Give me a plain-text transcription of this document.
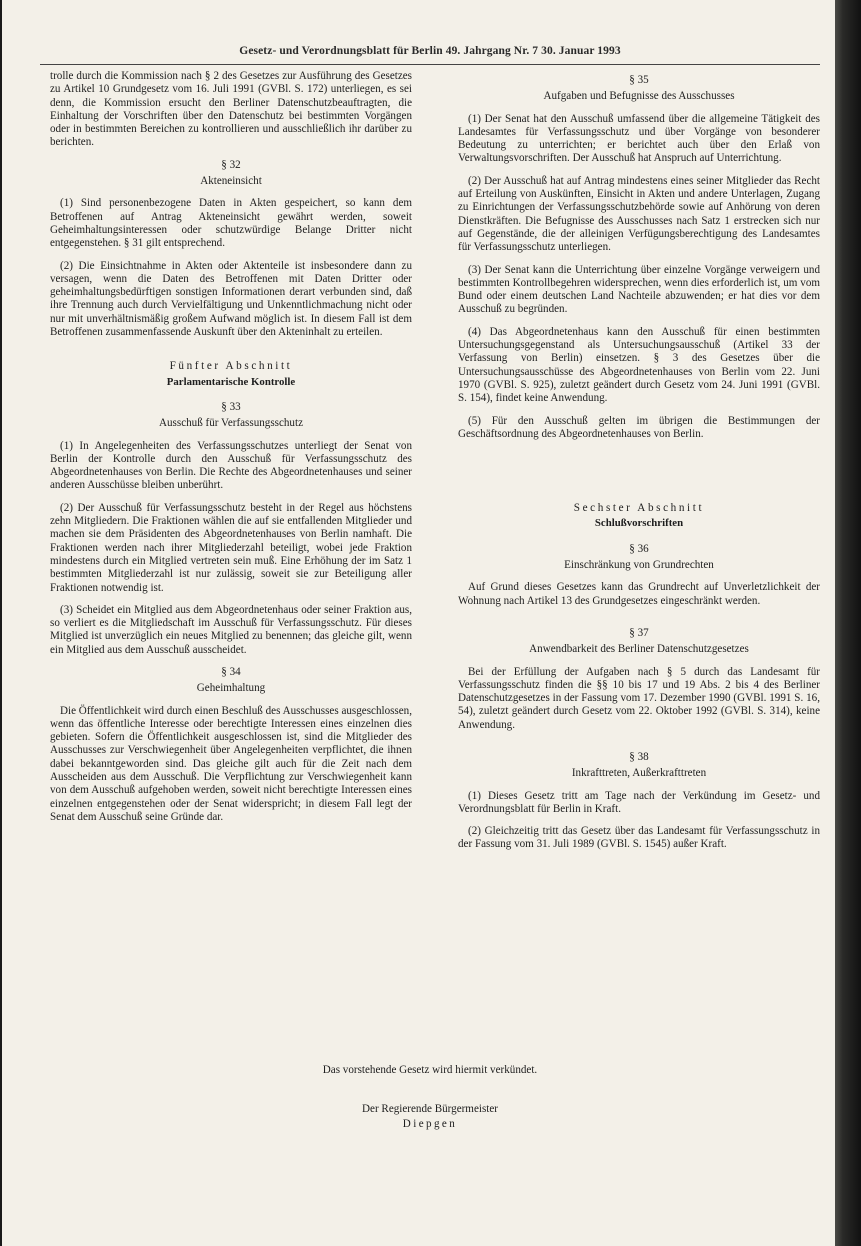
Gesetz- und Verordnungsblatt für Berlin 49. Jahrgang Nr. 7 30. Januar 1993

trolle durch die Kommission nach § 2 des Gesetzes zur Ausführung des Gesetzes zu Artikel 10 Grundgesetz vom 16. Juli 1991 (GVBl. S. 172) unterliegen, es sei denn, die Kommission ersucht den Berliner Datenschutzbeauftragten, die Einhaltung der Vorschriften über den Datenschutz bei bestimmten Vorgängen oder in bestimmten Bereichen zu kontrollieren und ausschließlich ihr darüber zu berichten.

§ 32
Akteneinsicht

(1) Sind personenbezogene Daten in Akten gespeichert, so kann dem Betroffenen auf Antrag Akteneinsicht gewährt werden, soweit Geheimhaltungsinteressen oder schutzwürdige Belange Dritter nicht entgegenstehen. § 31 gilt entsprechend.

(2) Die Einsichtnahme in Akten oder Aktenteile ist insbesondere dann zu versagen, wenn die Daten des Betroffenen mit Daten Dritter oder geheimhaltungsbedürftigen sonstigen Informationen derart verbunden sind, daß ihre Trennung auch durch Vervielfältigung und Unkenntlichmachung nicht oder nur mit unverhältnismäßig großem Aufwand möglich ist. In diesem Fall ist dem Betroffenen zusammenfassende Auskunft über den Akteninhalt zu erteilen.

Fünfter Abschnitt
Parlamentarische Kontrolle
§ 33
Ausschuß für Verfassungsschutz

(1) In Angelegenheiten des Verfassungsschutzes unterliegt der Senat von Berlin der Kontrolle durch den Ausschuß für Verfassungsschutz des Abgeordnetenhauses von Berlin. Die Rechte des Abgeordnetenhauses und seiner anderen Ausschüsse bleiben unberührt.

(2) Der Ausschuß für Verfassungsschutz besteht in der Regel aus höchstens zehn Mitgliedern. Die Fraktionen wählen die auf sie entfallenden Mitglieder und machen sie dem Präsidenten des Abgeordnetenhauses von Berlin namhaft. Die Fraktionen werden nach ihrer Mitgliederzahl beteiligt, wobei jede Fraktion mindestens durch ein Mitglied vertreten sein muß. Eine Erhöhung der im Satz 1 bestimmten Mitgliederzahl ist nur zulässig, soweit sie zur Beteiligung aller Fraktionen notwendig ist.

(3) Scheidet ein Mitglied aus dem Abgeordnetenhaus oder seiner Fraktion aus, so verliert es die Mitgliedschaft im Ausschuß für Verfassungsschutz. Für dieses Mitglied ist unverzüglich ein neues Mitglied zu benennen; das gleiche gilt, wenn ein Mitglied aus dem Ausschuß ausscheidet.

§ 34
Geheimhaltung

Die Öffentlichkeit wird durch einen Beschluß des Ausschusses ausgeschlossen, wenn das öffentliche Interesse oder berechtigte Interessen eines einzelnen dies gebieten. Sofern die Öffentlichkeit ausgeschlossen ist, sind die Mitglieder des Ausschusses zur Verschwiegenheit über Angelegenheiten verpflichtet, die ihnen dabei bekanntgeworden sind. Das gleiche gilt auch für die Zeit nach dem Ausscheiden aus dem Ausschuß. Die Verpflichtung zur Verschwiegenheit kann von dem Ausschuß aufgehoben werden, soweit nicht berechtigte Interessen eines einzelnen entgegenstehen oder der Senat widerspricht; in diesem Fall legt der Senat dem Ausschuß seine Gründe dar.

§ 35
Aufgaben und Befugnisse des Ausschusses

(1) Der Senat hat den Ausschuß umfassend über die allgemeine Tätigkeit des Landesamtes für Verfassungsschutz und über Vorgänge von besonderer Bedeutung zu unterrichten; er berichtet auch über den Erlaß von Verwaltungsvorschriften. Der Ausschuß hat Anspruch auf Unterrichtung.

(2) Der Ausschuß hat auf Antrag mindestens eines seiner Mitglieder das Recht auf Erteilung von Auskünften, Einsicht in Akten und andere Unterlagen, Zugang zu Einrichtungen der Verfassungsschutzbehörde sowie auf Anhörung von deren Dienstkräften. Die Befugnisse des Ausschusses nach Satz 1 erstrecken sich nur auf Gegenstände, die der alleinigen Verfügungsberechtigung des Landesamtes für Verfassungsschutz unterliegen.

(3) Der Senat kann die Unterrichtung über einzelne Vorgänge verweigern und bestimmten Kontrollbegehren widersprechen, wenn dies erforderlich ist, um vom Bund oder einem deutschen Land Nachteile abzuwenden; er hat dies vor dem Ausschuß zu begründen.

(4) Das Abgeordnetenhaus kann den Ausschuß für einen bestimmten Untersuchungsgegenstand als Untersuchungsausschuß (Artikel 33 der Verfassung von Berlin) einsetzen. § 3 des Gesetzes über die Untersuchungsausschüsse des Abgeordnetenhauses von Berlin vom 22. Juni 1970 (GVBl. S. 925), zuletzt geändert durch Gesetz vom 24. Juni 1991 (GVBl. S. 154), findet keine Anwendung.

(5) Für den Ausschuß gelten im übrigen die Bestimmungen der Geschäftsordnung des Abgeordnetenhauses von Berlin.

Sechster Abschnitt
Schlußvorschriften
§ 36
Einschränkung von Grundrechten

Auf Grund dieses Gesetzes kann das Grundrecht auf Unverletzlichkeit der Wohnung nach Artikel 13 des Grundgesetzes eingeschränkt werden.

§ 37
Anwendbarkeit des Berliner Datenschutzgesetzes

Bei der Erfüllung der Aufgaben nach § 5 durch das Landesamt für Verfassungsschutz finden die §§ 10 bis 17 und 19 Abs. 2 bis 4 des Berliner Datenschutzgesetzes in der Fassung vom 17. Dezember 1990 (GVBl. 1991 S. 16, 54), zuletzt geändert durch Gesetz vom 22. Oktober 1992 (GVBl. S. 314), keine Anwendung.

§ 38
Inkrafttreten, Außerkrafttreten

(1) Dieses Gesetz tritt am Tage nach der Verkündung im Gesetz- und Verordnungsblatt für Berlin in Kraft.

(2) Gleichzeitig tritt das Gesetz über das Landesamt für Verfassungsschutz in der Fassung vom 31. Juli 1989 (GVBl. S. 1545) außer Kraft.

Das vorstehende Gesetz wird hiermit verkündet.
Der Regierende Bürgermeister
Diepgen
